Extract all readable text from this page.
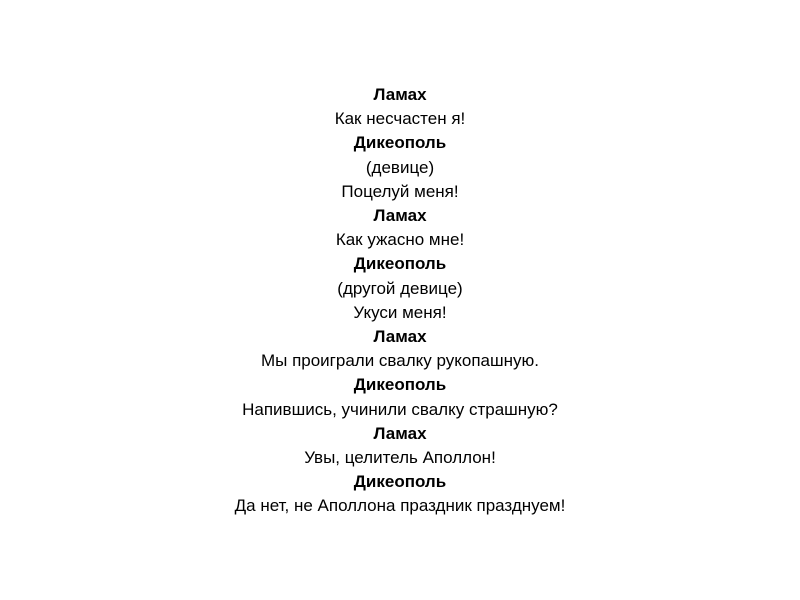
Ламах
Как несчастен я!
Дикеополь
(девице)
Поцелуй меня!
Ламах
Как ужасно мне!
Дикеополь
(другой девице)
Укуси меня!
Ламах
Мы проиграли свалку рукопашную.
Дикеополь
Напившись, учинили свалку страшную?
Ламах
Увы, целитель Аполлон!
Дикеополь
Да нет, не Аполлона праздник празднуем!
